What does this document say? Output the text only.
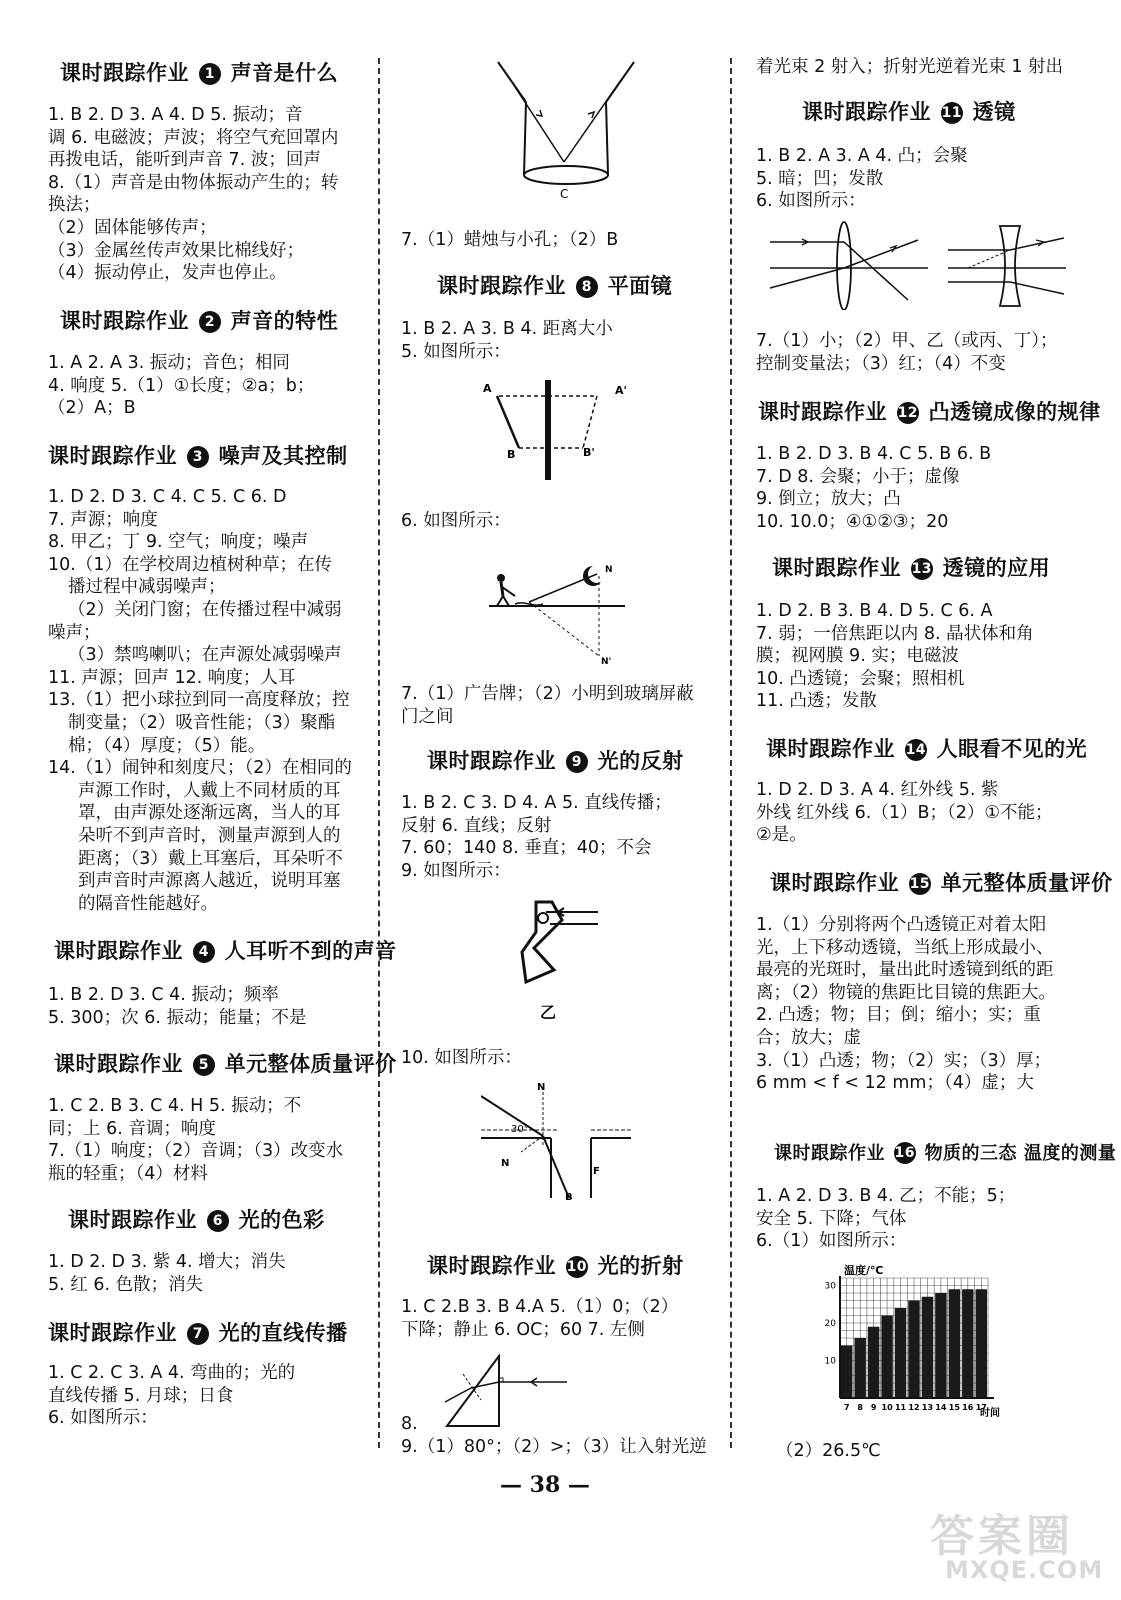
课时跟踪作业 1 声音是什么
1. B 2. D 3. A 4. D 5. 振动；音
调 6. 电磁波；声波；将空气充回罩内
再拨电话，能听到声音 7. 波；回声
8.（1）声音是由物体振动产生的；转
换法；
（2）固体能够传声；
（3）金属丝传声效果比棉线好；
（4）振动停止，发声也停止。
课时跟踪作业 2 声音的特性
1. A 2. A 3. 振动；音色；相同
4. 响度 5.（1）①长度；②a；b；
（2）A；B
课时跟踪作业 3 噪声及其控制
1. D 2. D 3. C 4. C 5. C 6. D
7. 声源；响度
8. 甲乙；丁 9. 空气；响度；噪声
10.（1）在学校周边植树种草；在传
播过程中减弱噪声；
（2）关闭门窗；在传播过程中减弱
噪声；
（3）禁鸣喇叭；在声源处减弱噪声
11. 声源；回声 12. 响度；人耳
13.（1）把小球拉到同一高度释放；控
制变量；（2）吸音性能；（3）聚酯
棉；（4）厚度；（5）能。
14.（1）闹钟和刻度尺；（2）在相同的
声源工作时，人戴上不同材质的耳
罩，由声源处逐渐远离，当人的耳
朵听不到声音时，测量声源到人的
距离；（3）戴上耳塞后，耳朵听不
到声音时声源离人越近，说明耳塞
的隔音性能越好。
课时跟踪作业 4 人耳听不到的声音
1. B 2. D 3. C 4. 振动；频率
5. 300；次 6. 振动；能量；不是
课时跟踪作业 5 单元整体质量评价
1. C 2. B 3. C 4. H 5. 振动；不
同；上 6. 音调；响度
7.（1）响度；（2）音调；（3）改变水
瓶的轻重；（4）材料
课时跟踪作业 6 光的色彩
1. D 2. D 3. 紫 4. 增大；消失
5. 红 6. 色散；消失
课时跟踪作业 7 光的直线传播
1. C 2. C 3. A 4. 弯曲的；光的
直线传播 5. 月球；日食
6. 如图所示：
C
7.（1）蜡烛与小孔；（2）B
课时跟踪作业 8 平面镜
1. B 2. A 3. B 4. 距离大小
5. 如图所示：
A	A'
B	B'
6. 如图所示：
N
N'
7.（1）广告牌；（2）小明到玻璃屏蔽
门之间
课时跟踪作业 9 光的反射
1. B 2. C 3. D 4. A 5. 直线传播；
反射 6. 直线；反射
7. 60；140 8. 垂直；40；不会
9. 如图所示：
乙
10. 如图所示：
N
30°
N
F
B
课时跟踪作业 10 光的折射
1. C 2.B 3. B 4.A 5.（1）0；（2）
下降；静止 6. OC；60 7. 左侧
8.
9.（1）80°；（2）>；（3）让入射光逆
着光束 2 射入；折射光逆着光束 1 射出
课时跟踪作业 11 透镜
1. B 2. A 3. A 4. 凸；会聚
5. 暗；凹；发散
6. 如图所示：
7.（1）小；（2）甲、乙（或丙、丁）；
控制变量法；（3）红；（4）不变
课时跟踪作业 12 凸透镜成像的规律
1. B 2. D 3. B 4. C 5. B 6. B
7. D 8. 会聚；小于；虚像
9. 倒立；放大；凸
10. 10.0；④①②③；20
课时跟踪作业 13 透镜的应用
1. D 2. B 3. B 4. D 5. C 6. A
7. 弱；一倍焦距以内 8. 晶状体和角
膜；视网膜 9. 实；电磁波
10. 凸透镜；会聚；照相机
11. 凸透；发散
课时跟踪作业 14 人眼看不见的光
1. D 2. D 3. A 4. 红外线 5. 紫
外线 红外线 6.（1）B；（2）①不能；
②是。
课时跟踪作业 15 单元整体质量评价
1.（1）分别将两个凸透镜正对着太阳
光，上下移动透镜，当纸上形成最小、
最亮的光斑时，量出此时透镜到纸的距
离；（2）物镜的焦距比目镜的焦距大。
2. 凸透；物；目；倒；缩小；实；重
合；放大；虚
3.（1）凸透；物；（2）实；（3）厚；
6 mm < f < 12 mm；（4）虚；大
课时跟踪作业 16 物质的三态 温度的测量
1. A 2. D 3. B 4. 乙；不能；5；
安全 5. 下降；气体
6.（1）如图所示：
温度/℃
时间
7 8 9 10 11 12 13 14 15 16 17
10
20
30
（2）26.5℃
— 38 —
答案圈
MXQE.COM
